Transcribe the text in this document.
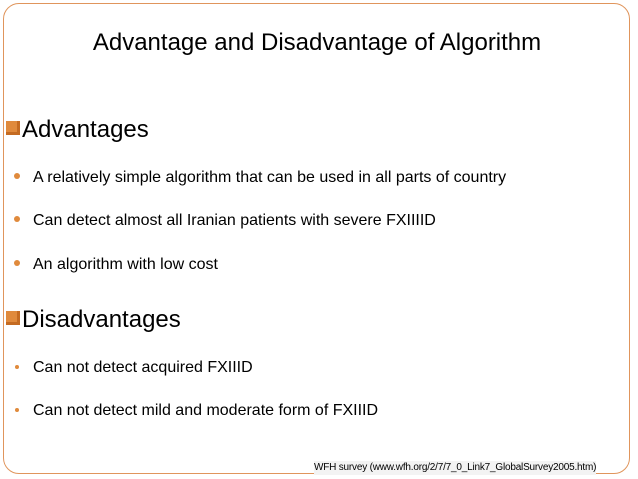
Advantage and Disadvantage of Algorithm
Advantages
A relatively simple algorithm that can be used in all parts of country
Can detect almost all Iranian patients with severe FXIIIID
An algorithm with low cost
Disadvantages
Can not detect acquired FXIIID
Can not detect mild and moderate form of FXIIID
WFH survey (www.wfh.org/2/7/7_0_Link7_GlobalSurvey2005.htm)
